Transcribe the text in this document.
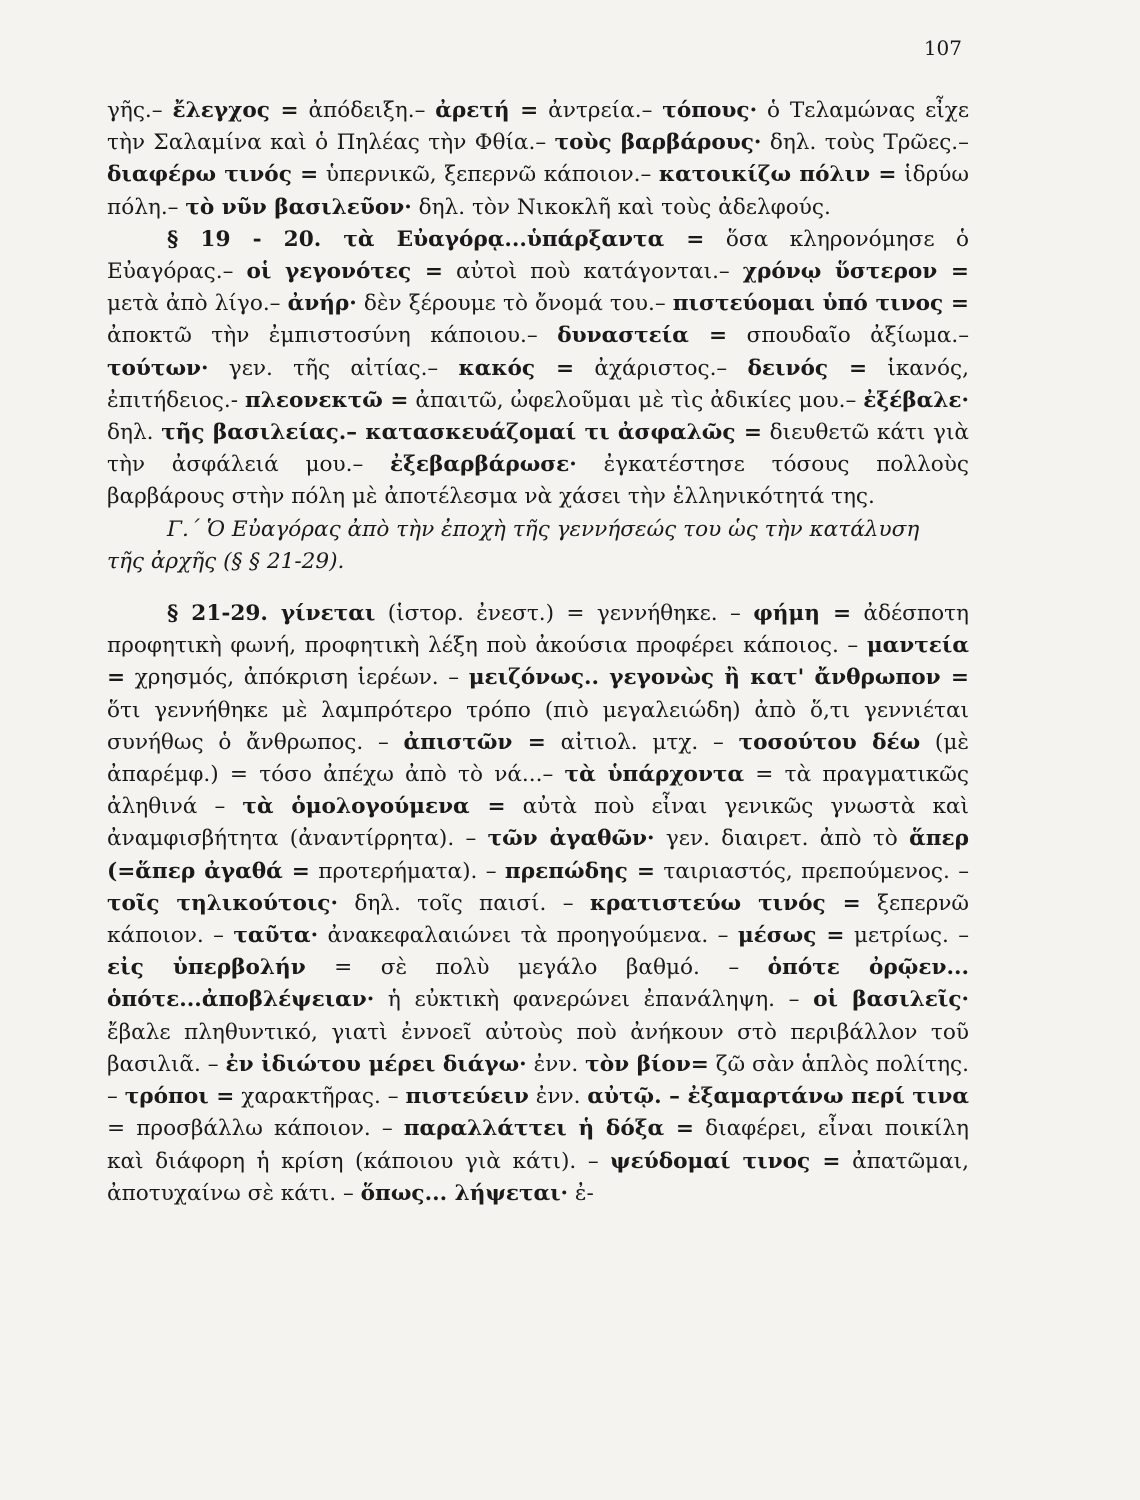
107

γῆς.– ἔλεγχος = ἀπόδειξη.– ἀρετή = ἀντρεία.– τόπους· ὁ Τελαμώνας εἶχε τὴν Σαλαμίνα καὶ ὁ Πηλέας τὴν Φθία.– τοὺς βαρβάρους· δηλ. τοὺς Τρῶες.– διαφέρω τινός = ὑπερνικῶ, ξεπερνῶ κάποιον.– κατοικίζω πόλιν = ἱδρύω πόλη.– τὸ νῦν βασιλεῦον· δηλ. τὸν Νικοκλῆ καὶ τοὺς ἀδελφούς.

§ 19 - 20. τὰ Εὐαγόρᾳ...ὑπάρξαντα = ὅσα κληρονόμησε ὁ Εὐαγόρας.– οἱ γεγονότες = αὐτοὶ ποὺ κατάγονται.– χρόνῳ ὕστερον = μετὰ ἀπὸ λίγο.– ἀνήρ· δὲν ξέρουμε τὸ ὄνομά του.– πιστεύομαι ὑπό τινος = ἀποκτῶ τὴν ἐμπιστοσύνη κάποιου.– δυναστεία = σπουδαῖο ἀξίωμα.– τούτων· γεν. τῆς αἰτίας.– κακός = ἀχάριστος.– δεινός = ἱκανός, ἐπιτήδειος.- πλεονεκτῶ = ἀπαιτῶ, ὠφελοῦμαι μὲ τὶς ἀδικίες μου.– ἐξέβαλε· δηλ. τῆς βασιλείας.– κατασκευάζομαί τι ἀσφαλῶς = διευθετῶ κάτι γιὰ τὴν ἀσφάλειά μου.– ἐξεβαρβάρωσε· ἐγκατέστησε τόσους πολλοὺς βαρβάρους στὴν πόλη μὲ ἀποτέλεσμα νὰ χάσει τὴν ἑλληνικότητά της.

Γ.΄ Ὁ Εὐαγόρας ἀπὸ τὴν ἐποχὴ τῆς γεννήσεώς του ὡς τὴν κατάλυση
τῆς ἀρχῆς (§ § 21-29).

§ 21-29. γίνεται (ἱστορ. ἐνεστ.) = γεννήθηκε. – φήμη = ἀδέσποτη προφητικὴ φωνή, προφητικὴ λέξη ποὺ ἀκούσια προφέρει κάποιος. – μαντεία = χρησμός, ἀπόκριση ἱερέων. – μειζόνως.. γεγονὼς ἢ κατ' ἄνθρωπον = ὅτι γεννήθηκε μὲ λαμπρότερο τρόπο (πιὸ μεγαλειώδη) ἀπὸ ὅ,τι γεννιέται συνήθως ὁ ἄνθρωπος. – ἀπιστῶν = αἰτιολ. μτχ. – τοσούτου δέω (μὲ ἀπαρέμφ.) = τόσο ἀπέχω ἀπὸ τὸ νά...– τὰ ὑπάρχοντα = τὰ πραγματικῶς ἀληθινά – τὰ ὁμολογούμενα = αὐτὰ ποὺ εἶναι γενικῶς γνωστὰ καὶ ἀναμφισβήτητα (ἀναντίρρητα). – τῶν ἀγαθῶν· γεν. διαιρετ. ἀπὸ τὸ ἅπερ (=ἅπερ ἀγαθά = προτερήματα). – πρεπώδης = ταιριαστός, πρεπούμενος. – τοῖς τηλικούτοις· δηλ. τοῖς παισί. – κρατιστεύω τινός = ξεπερνῶ κάποιον. – ταῦτα· ἀνακεφαλαιώνει τὰ προηγούμενα. – μέσως = μετρίως. – εἰς ὑπερβολήν = σὲ πολὺ μεγάλο βαθμό. – ὁπότε ὀρῷεν... ὁπότε...ἀποβλέψειαν· ἡ εὐκτικὴ φανερώνει ἐπανάληψη. – οἱ βασιλεῖς· ἔβαλε πληθυντικό, γιατὶ ἐννοεῖ αὐτοὺς ποὺ ἀνήκουν στὸ περιβάλλον τοῦ βασιλιᾶ. – ἐν ἰδιώτου μέρει διάγω· ἐνν. τὸν βίον= ζῶ σὰν ἁπλὸς πολίτης. – τρόποι = χαρακτῆρας. – πιστεύειν ἐνν. αὐτῷ. – ἐξαμαρτάνω περί τινα = προσβάλλω κάποιον. – παραλλάττει ἡ δόξα = διαφέρει, εἶναι ποικίλη καὶ διάφορη ἡ κρίση (κάποιου γιὰ κάτι). – ψεύδομαί τινος = ἀπατῶμαι, ἀποτυχαίνω σὲ κάτι. – ὅπως... λήψεται· ἐ-
